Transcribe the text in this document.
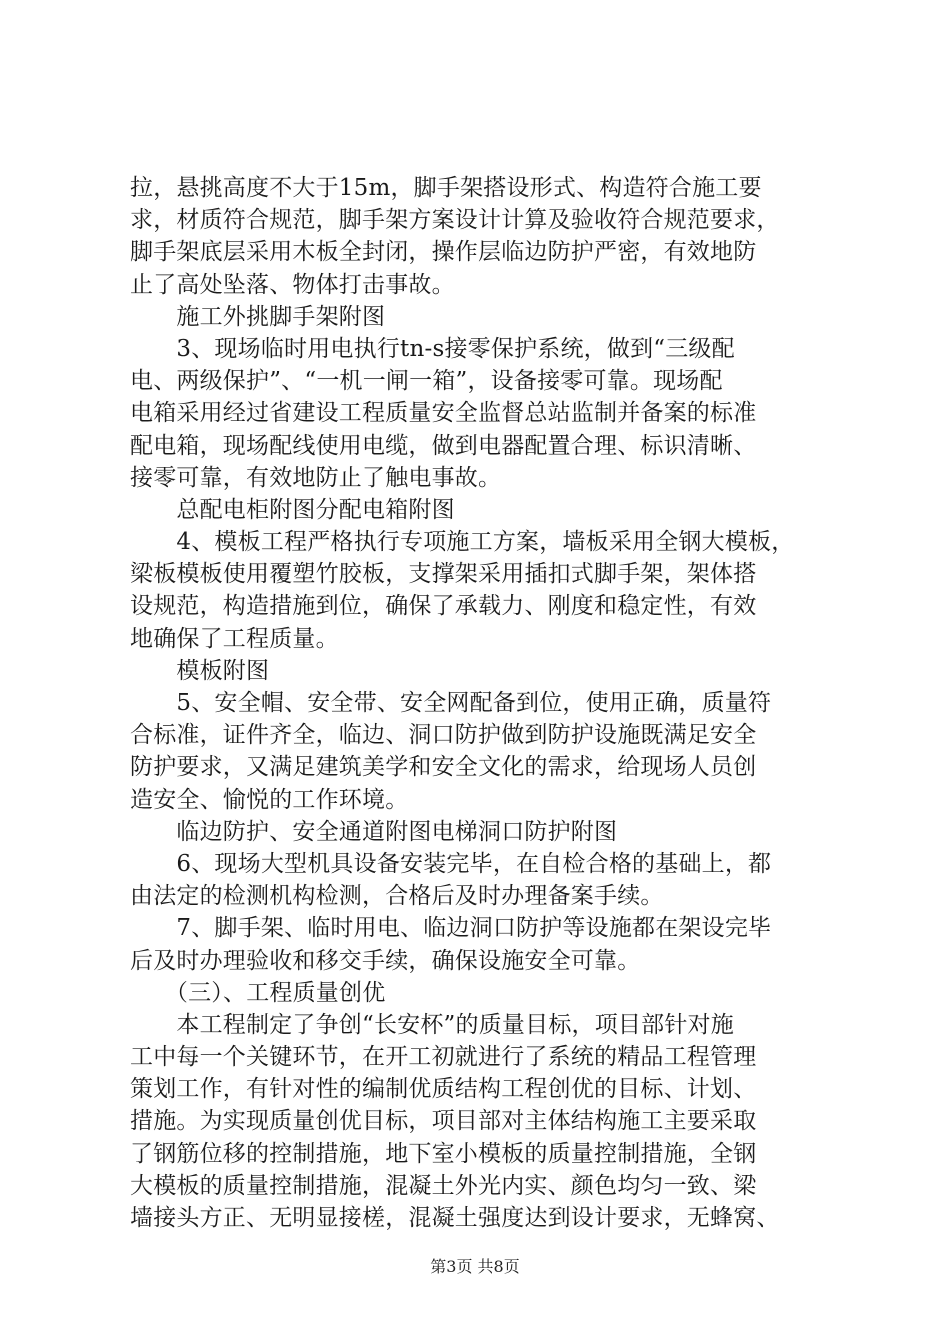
拉，悬挑高度不大于15m，脚手架搭设形式、构造符合施工要
求，材质符合规范，脚手架方案设计计算及验收符合规范要求，
脚手架底层采用木板全封闭，操作层临边防护严密，有效地防
止了高处坠落、物体打击事故。
　　施工外挑脚手架附图
　　3、现场临时用电执行tn-s接零保护系统，做到“三级配
电、两级保护”、“一机一闸一箱”，设备接零可靠。现场配
电箱采用经过省建设工程质量安全监督总站监制并备案的标准
配电箱，现场配线使用电缆，做到电器配置合理、标识清晰、
接零可靠，有效地防止了触电事故。
　　总配电柜附图分配电箱附图
　　4、模板工程严格执行专项施工方案，墙板采用全钢大模板，
梁板模板使用覆塑竹胶板，支撑架采用插扣式脚手架，架体搭
设规范，构造措施到位，确保了承载力、刚度和稳定性，有效
地确保了工程质量。
　　模板附图
　　5、安全帽、安全带、安全网配备到位，使用正确，质量符
合标准，证件齐全，临边、洞口防护做到防护设施既满足安全
防护要求，又满足建筑美学和安全文化的需求，给现场人员创
造安全、愉悦的工作环境。
　　临边防护、安全通道附图电梯洞口防护附图
　　6、现场大型机具设备安装完毕，在自检合格的基础上，都
由法定的检测机构检测，合格后及时办理备案手续。
　　7、脚手架、临时用电、临边洞口防护等设施都在架设完毕
后及时办理验收和移交手续，确保设施安全可靠。
　　（三）、工程质量创优
　　本工程制定了争创“长安杯”的质量目标，项目部针对施
工中每一个关键环节，在开工初就进行了系统的精品工程管理
策划工作，有针对性的编制优质结构工程创优的目标、计划、
措施。为实现质量创优目标，项目部对主体结构施工主要采取
了钢筋位移的控制措施，地下室小模板的质量控制措施，全钢
大模板的质量控制措施，混凝土外光内实、颜色均匀一致、梁
墙接头方正、无明显接槎，混凝土强度达到设计要求，无蜂窝、
第3页 共8页
